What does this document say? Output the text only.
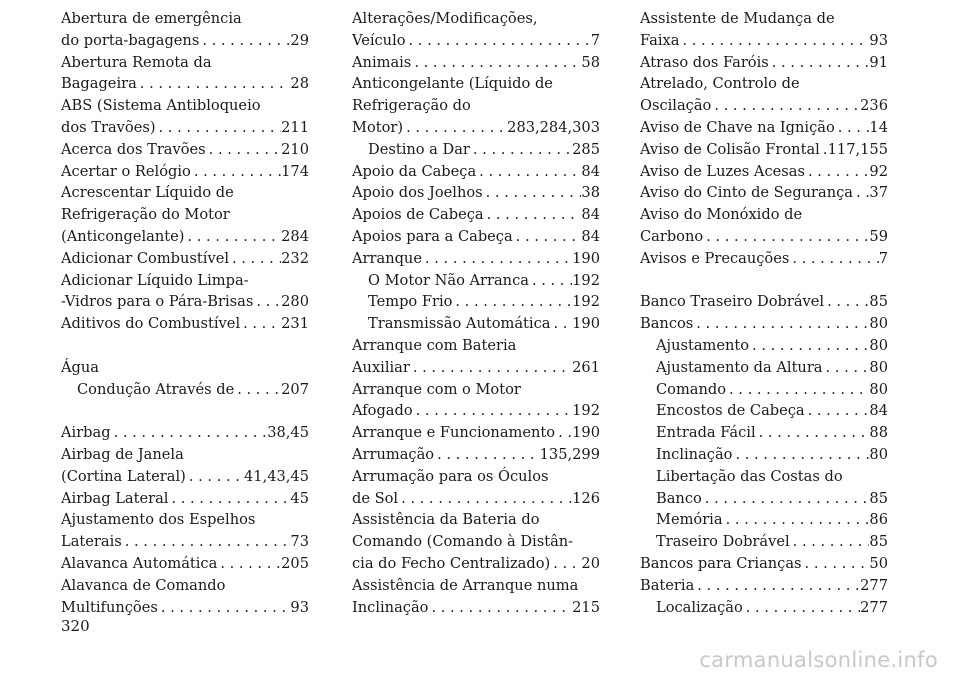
Abertura de emergência
do porta-bagagens . . .	29
Abertura Remota da
Bagageira . . .	28
ABS (Sistema Antibloqueio
dos Travões) . . .	211
Acerca dos Travões . . .	210
Acertar o Relógio . . .	174
Acrescentar Líquido de
Refrigeração do Motor
(Anticongelante) . . .	284
Adicionar Combustível . . .	232
Adicionar Líquido Limpa-
-Vidros para o Pára-Brisas . . . 280
Aditivos do Combustível . . .	231
Água
Condução Através de . . .	207
Airbag . . .	38,45
Airbag de Janela
(Cortina Lateral) . . .	41,43,45
Airbag Lateral . . .	45
Ajustamento dos Espelhos
Laterais . . .	73
Alavanca Automática . . .	205
Alavanca de Comando
Multifunções . . .	93
Alterações/Modificações,
Veículo . . .	7
Animais . . .	58
Anticongelante (Líquido de
Refrigeração do
Motor) . . .	283,284,303
Destino a Dar . . .	285
Apoio da Cabeça . . .	84
Apoio dos Joelhos . . .	38
Apoios de Cabeça . . .	84
Apoios para a Cabeça . . .	84
Arranque . . .	190
O Motor Não Arranca . . .	192
Tempo Frio . . .	192
Transmissão Automática . . . 190
Arranque com Bateria
Auxiliar . . .	261
Arranque com o Motor
Afogado . . .	192
Arranque e Funcionamento . . . 190
Arrumação . . .	135,299
Arrumação para os Óculos
de Sol . . .	126
Assistência da Bateria do
Comando (Comando à Distân-
cia do Fecho Centralizado) . . . 20
Assistência de Arranque numa
Inclinação . . .	215
Assistente de Mudança de
Faixa . . .	93
Atraso dos Faróis . . .	91
Atrelado, Controlo de
Oscilação . . .	236
Aviso de Chave na Ignição . . . 14
Aviso de Colisão Frontal . . . 117,155
Aviso de Luzes Acesas . . .	92
Aviso do Cinto de Segurança . . . 37
Aviso do Monóxido de
Carbono . . .	59
Avisos e Precauções . . .	7
Banco Traseiro Dobrável . . .	85
Bancos . . .	80
Ajustamento . . .	80
Ajustamento da Altura . . .	80
Comando . . .	80
Encostos de Cabeça . . .	84
Entrada Fácil . . .	88
Inclinação . . .	80
Libertação das Costas do
Banco . . .	85
Memória . . .	86
Traseiro Dobrável . . .	85
Bancos para Crianças . . .	50
Bateria . . .	277
Localização . . .	277
320
carmanualsonline.info
